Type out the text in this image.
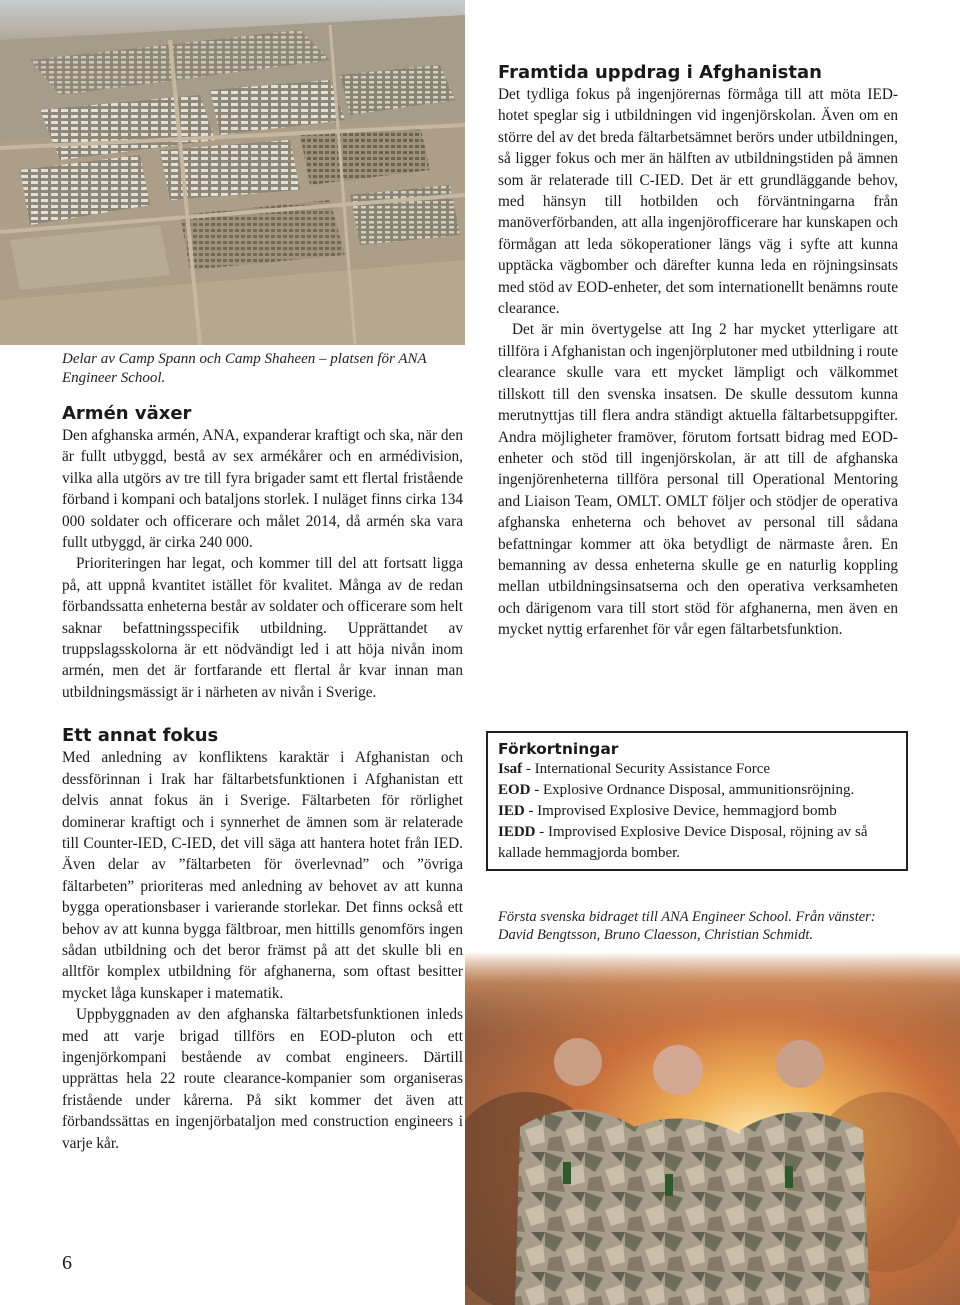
Delar av Camp Spann och Camp Shaheen – platsen för ANA Engineer School.
Armén växer

Den afghanska armén, ANA, expanderar kraftigt och ska, när den är fullt utbyggd, bestå av sex armékårer och en armédivision, vilka alla utgörs av tre till fyra brigader samt ett flertal fristående förband i kompani och bataljons storlek. I nuläget finns cirka 134 000 soldater och officerare och målet 2014, då armén ska vara fullt utbyggd, är cirka 240 000.

Prioriteringen har legat, och kommer till del att fortsatt ligga på, att uppnå kvantitet istället för kvalitet. Många av de redan förbandssatta enheterna består av soldater och officerare som helt saknar befattningsspecifik utbildning. Upprättandet av truppslagsskolorna är ett nödvändigt led i att höja nivån inom armén, men det är fortfarande ett flertal år kvar innan man utbildningsmässigt är i närheten av nivån i Sverige.

Ett annat fokus

Med anledning av konfliktens karaktär i Afghanistan och dessförinnan i Irak har fältarbetsfunktionen i Afghanistan ett delvis annat fokus än i Sverige. Fältarbeten för rörlighet dominerar kraftigt och i synnerhet de ämnen som är relaterade till Counter-IED, C-IED, det vill säga att hantera hotet från IED. Även delar av ”fältarbeten för överlevnad” och ”övriga fältarbeten” prioriteras med anledning av behovet av att kunna bygga operationsbaser i varierande storlekar. Det finns också ett behov av att kunna bygga fältbroar, men hittills genomförs ingen sådan utbildning och det beror främst på att det skulle bli en alltför komplex utbildning för afghanerna, som oftast besitter mycket låga kunskaper i matematik.

Uppbyggnaden av den afghanska fältarbetsfunktionen inleds med att varje brigad tillförs en EOD-pluton och ett ingenjörkompani bestående av combat engineers. Därtill upprättas hela 22 route clearance-kompanier som organiseras fristående under kårerna. På sikt kommer det även att förbandssättas en ingenjörbataljon med construction engineers i varje kår.

Framtida uppdrag i Afghanistan

Det tydliga fokus på ingenjörernas förmåga till att möta IED-hotet speglar sig i utbildningen vid ingenjörskolan. Även om en större del av det breda fältarbetsämnet berörs under utbildningen, så ligger fokus och mer än hälften av utbildningstiden på ämnen som är relaterade till C-IED. Det är ett grundläggande behov, med hänsyn till hotbilden och förväntningarna från manöverförbanden, att alla ingenjörofficerare har kunskapen och förmågan att leda sökoperationer längs väg i syfte att kunna upptäcka vägbomber och därefter kunna leda en röjningsinsats med stöd av EOD-enheter, det som internationellt benämns route clearance.

Det är min övertygelse att Ing 2 har mycket ytterligare att tillföra i Afghanistan och ingenjörplutoner med utbildning i route clearance skulle vara ett mycket lämpligt och välkommet tillskott till den svenska insatsen. De skulle dessutom kunna merutnyttjas till flera andra ständigt aktuella fältarbetsuppgifter. Andra möjligheter framöver, förutom fortsatt bidrag med EOD-enheter och stöd till ingenjörskolan, är att till de afghanska ingenjörenheterna tillföra personal till Operational Mentoring and Liaison Team, OMLT. OMLT följer och stödjer de operativa afghanska enheterna och behovet av personal till sådana befattningar kommer att öka betydligt de närmaste åren. En bemanning av dessa enheterna skulle ge en naturlig koppling mellan utbildningsinsatserna och den operativa verksamheten och därigenom vara till stort stöd för afghanerna, men även en mycket nyttig erfarenhet för vår egen fältarbetsfunktion.

Förkortningar
Isaf - International Security Assistance Force
EOD - Explosive Ordnance Disposal, ammunitionsröjning.
IED - Improvised Explosive Device, hemmagjord bomb
IEDD - Improvised Explosive Device Disposal, röjning av så kallade hemmagjorda bomber.
Första svenska bidraget till ANA Engineer School. Från vänster: David Bengtsson, Bruno Claesson, Christian Schmidt.
6
